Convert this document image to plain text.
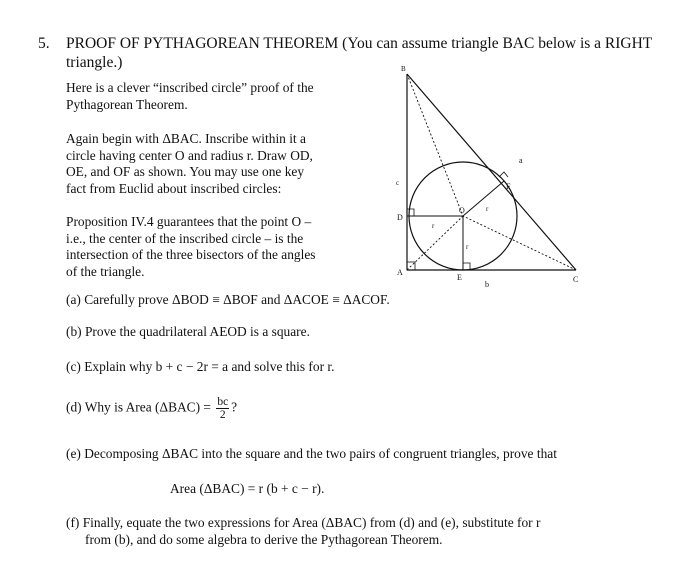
5. PROOF OF PYTHAGOREAN THEOREM (You can assume triangle BAC below is a RIGHT
triangle.)
Here is a clever “inscribed circle” proof of the
Pythagorean Theorem.
Again begin with ΔBAC. Inscribe within it a
circle having center O and radius r. Draw OD,
OE, and OF as shown. You may use one key
fact from Euclid about inscribed circles:
Proposition IV.4 guarantees that the point O –
i.e., the center of the inscribed circle – is the
intersection of the three bisectors of the angles
of the triangle.
(a) Carefully prove ΔBOD ≡ ΔBOF and ΔACOE ≡ ΔACOF.
(b) Prove the quadrilateral AEOD is a square.
(c) Explain why b + c − 2r = a and solve this for r.
(d) Why is Area $(\Delta BAC) = \frac{bc}{2}$ ?
(e) Decomposing ΔBAC into the square and the two pairs of congruent triangles, prove that
Area (ΔBAC) = r (b + c − r).
(f) Finally, equate the two expressions for Area (ΔBAC) from (d) and (e), substitute for r
from (b), and do some algebra to derive the Pythagorean Theorem.
B
A
C
D
E
F
O
a
b
c
r
r
r
